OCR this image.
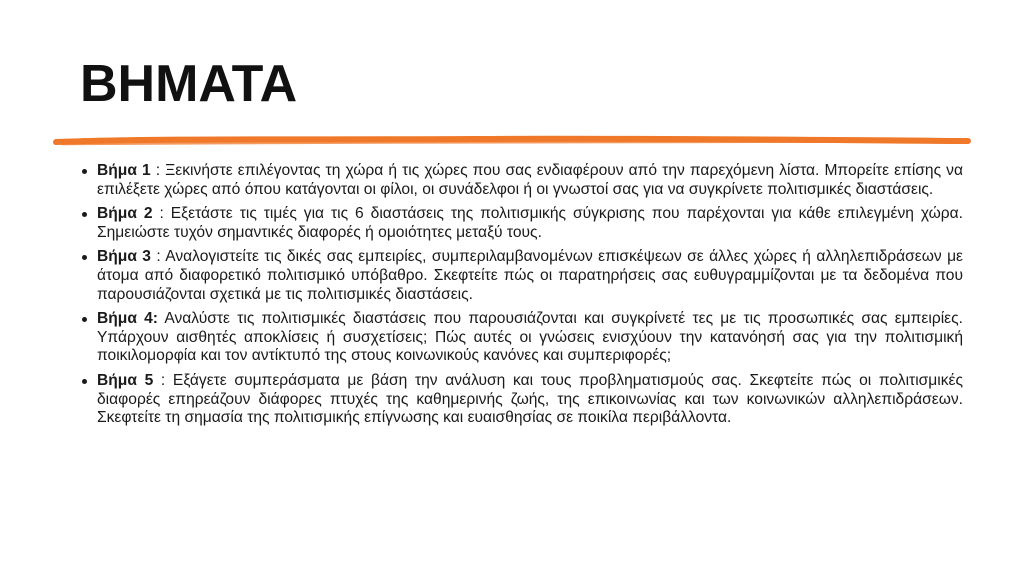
ΒΗΜΑΤΑ
Βήμα 1 : Ξεκινήστε επιλέγοντας τη χώρα ή τις χώρες που σας ενδιαφέρουν από την παρεχόμενη λίστα. Μπορείτε επίσης να επιλέξετε χώρες από όπου κατάγονται οι φίλοι, οι συνάδελφοι ή οι γνωστοί σας για να συγκρίνετε πολιτισμικές διαστάσεις.
Βήμα 2 : Εξετάστε τις τιμές για τις 6 διαστάσεις της πολιτισμικής σύγκρισης που παρέχονται για κάθε επιλεγμένη χώρα. Σημειώστε τυχόν σημαντικές διαφορές ή ομοιότητες μεταξύ τους.
Βήμα 3 : Αναλογιστείτε τις δικές σας εμπειρίες, συμπεριλαμβανομένων επισκέψεων σε άλλες χώρες ή αλληλεπιδράσεων με άτομα από διαφορετικό πολιτισμικό υπόβαθρο. Σκεφτείτε πώς οι παρατηρήσεις σας ευθυγραμμίζονται με τα δεδομένα που παρουσιάζονται σχετικά με τις πολιτισμικές διαστάσεις.
Βήμα 4: Αναλύστε τις πολιτισμικές διαστάσεις που παρουσιάζονται και συγκρίνετέ τες με τις προσωπικές σας εμπειρίες. Υπάρχουν αισθητές αποκλίσεις ή συσχετίσεις; Πώς αυτές οι γνώσεις ενισχύουν την κατανόησή σας για την πολιτισμική ποικιλομορφία και τον αντίκτυπό της στους κοινωνικούς κανόνες και συμπεριφορές;
Βήμα 5 : Εξάγετε συμπεράσματα με βάση την ανάλυση και τους προβληματισμούς σας. Σκεφτείτε πώς οι πολιτισμικές διαφορές επηρεάζουν διάφορες πτυχές της καθημερινής ζωής, της επικοινωνίας και των κοινωνικών αλληλεπιδράσεων. Σκεφτείτε τη σημασία της πολιτισμικής επίγνωσης και ευαισθησίας σε ποικίλα περιβάλλοντα.
